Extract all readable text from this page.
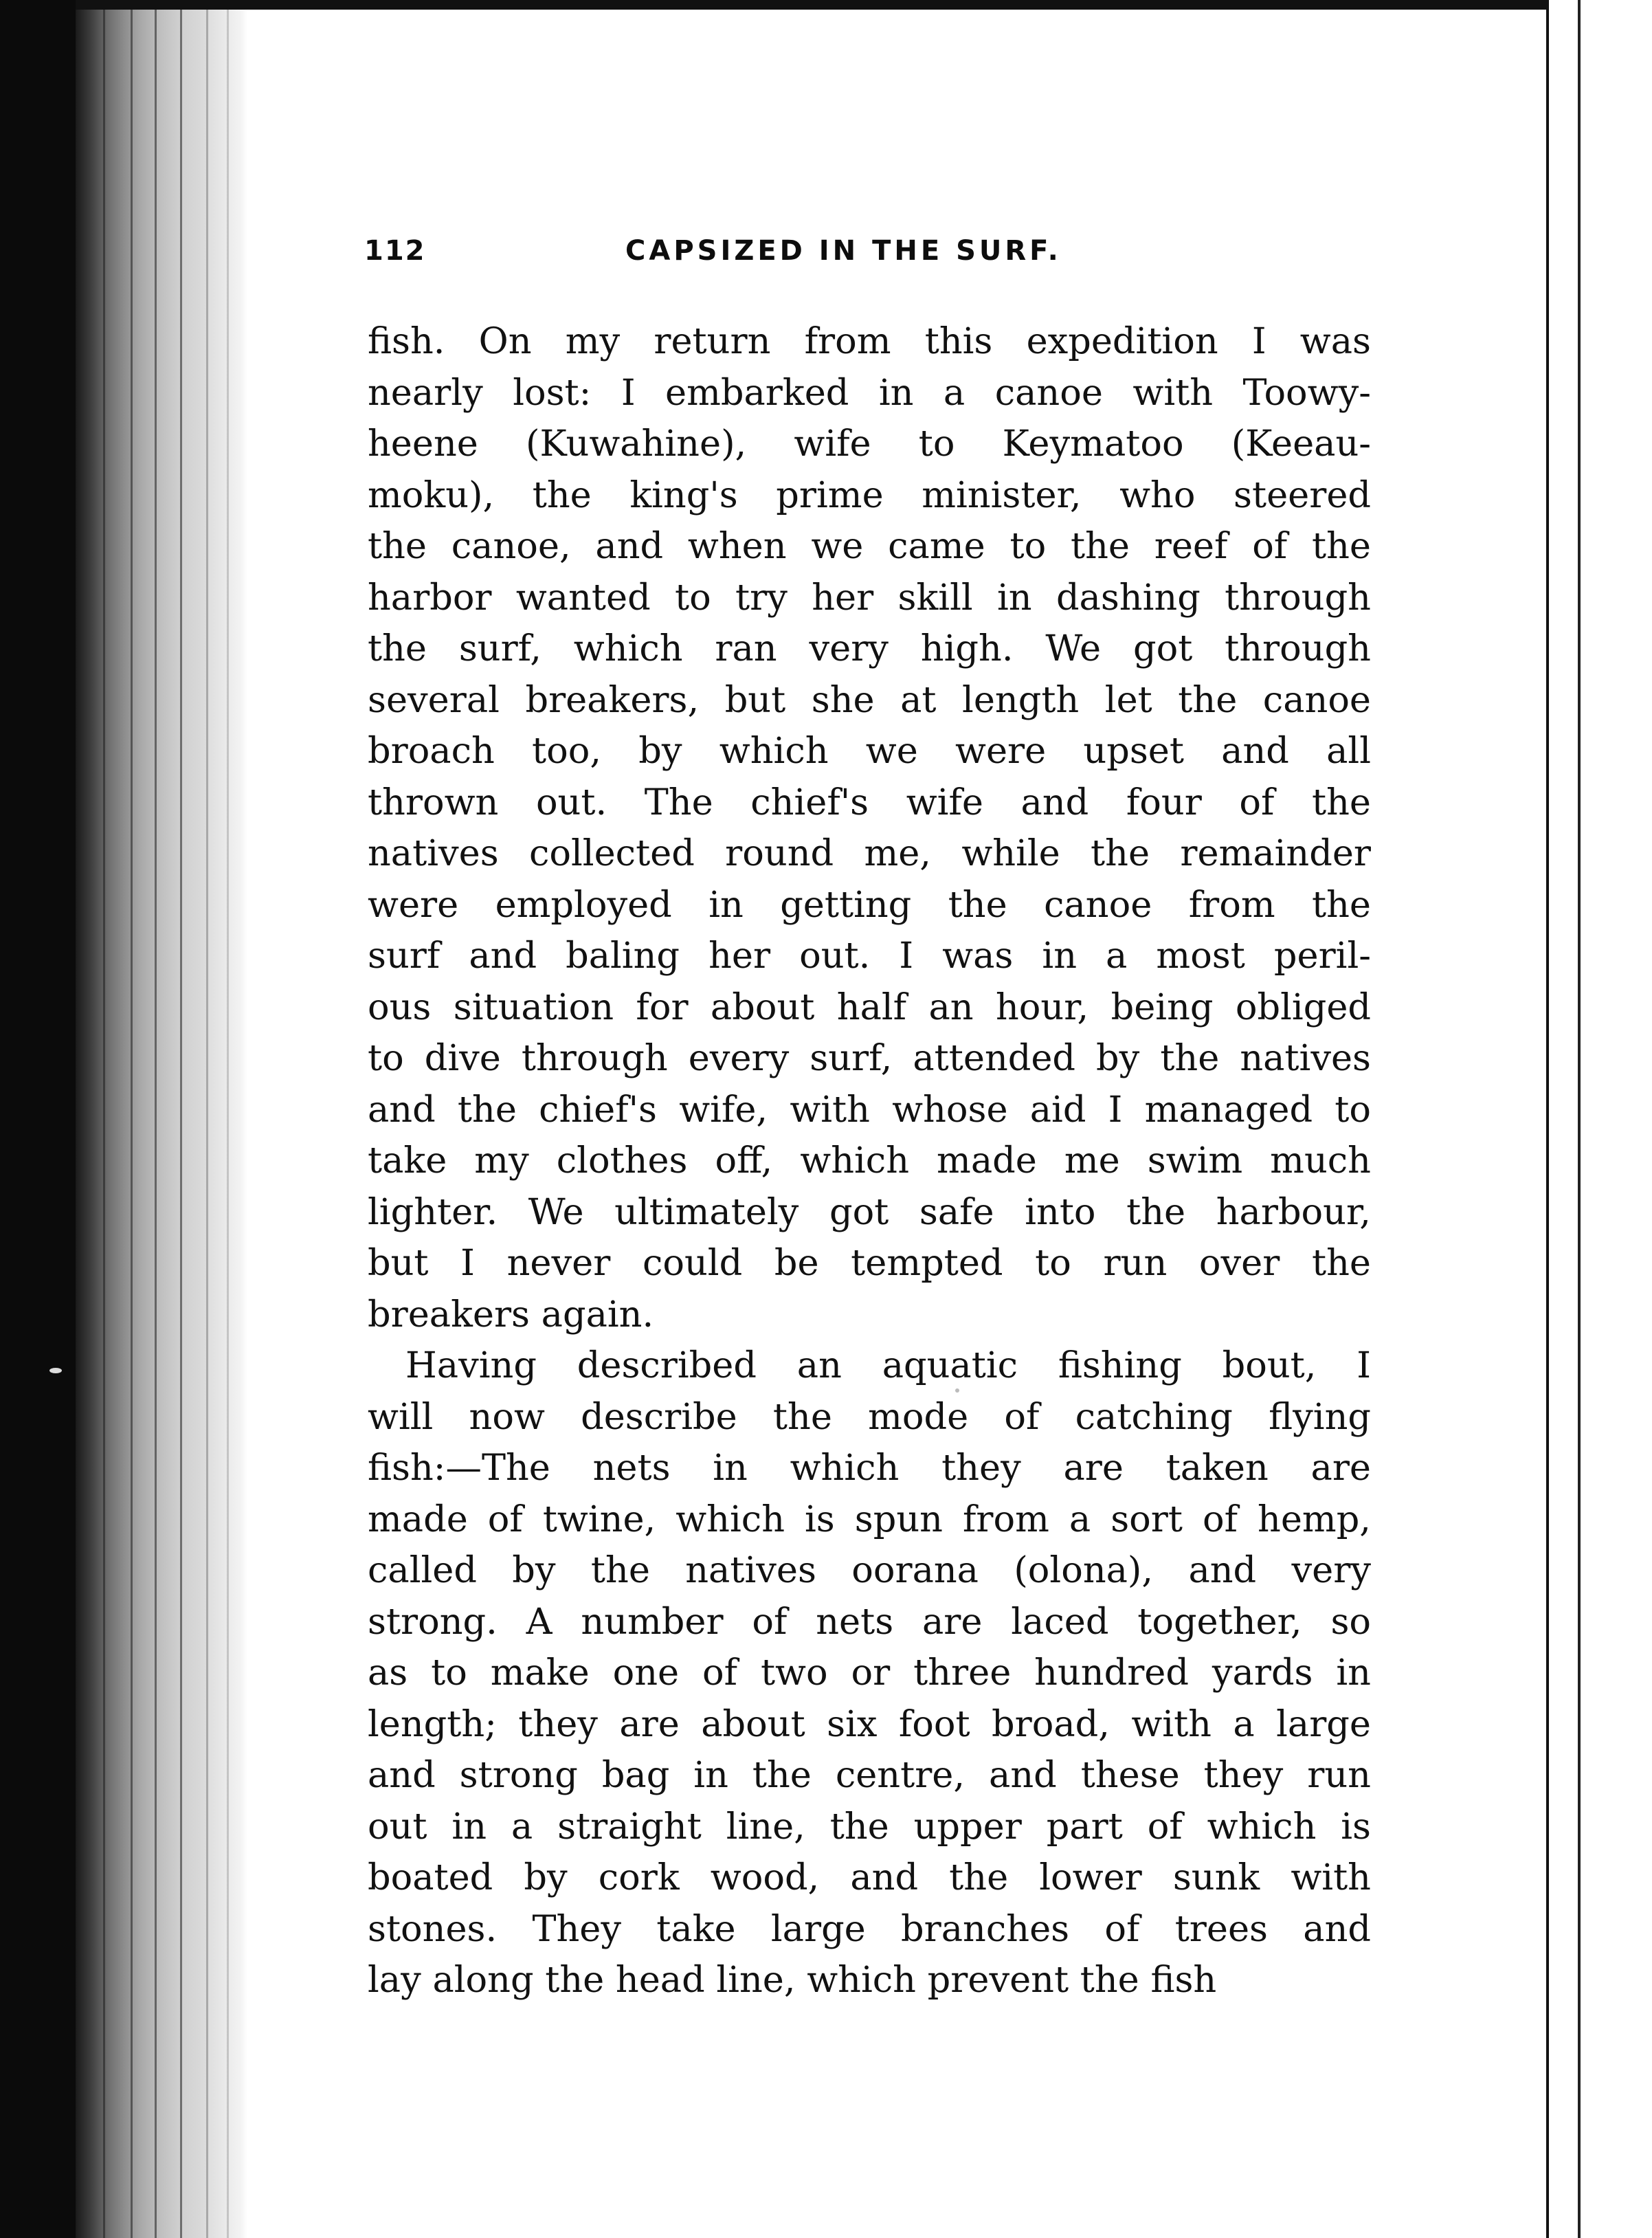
112	CAPSIZED IN THE SURF.
fish. On my return from this expedition I was
nearly lost: I embarked in a canoe with Toowy-
heene (Kuwahine), wife to Keymatoo (Keeau-
moku), the king's prime minister, who steered
the canoe, and when we came to the reef of the
harbor wanted to try her skill in dashing through
the surf, which ran very high. We got through
several breakers, but she at length let the canoe
broach too, by which we were upset and all
thrown out. The chief's wife and four of the
natives collected round me, while the remainder
were employed in getting the canoe from the
surf and baling her out. I was in a most peril-
ous situation for about half an hour, being obliged
to dive through every surf, attended by the natives
and the chief's wife, with whose aid I managed to
take my clothes off, which made me swim much
lighter. We ultimately got safe into the harbour,
but I never could be tempted to run over the
breakers again.
Having described an aquatic fishing bout, I
will now describe the mode of catching flying
fish:—The nets in which they are taken are
made of twine, which is spun from a sort of hemp,
called by the natives oorana (olona), and very
strong. A number of nets are laced together, so
as to make one of two or three hundred yards in
length; they are about six foot broad, with a large
and strong bag in the centre, and these they run
out in a straight line, the upper part of which is
boated by cork wood, and the lower sunk with
stones. They take large branches of trees and
lay along the head line, which prevent the fish
